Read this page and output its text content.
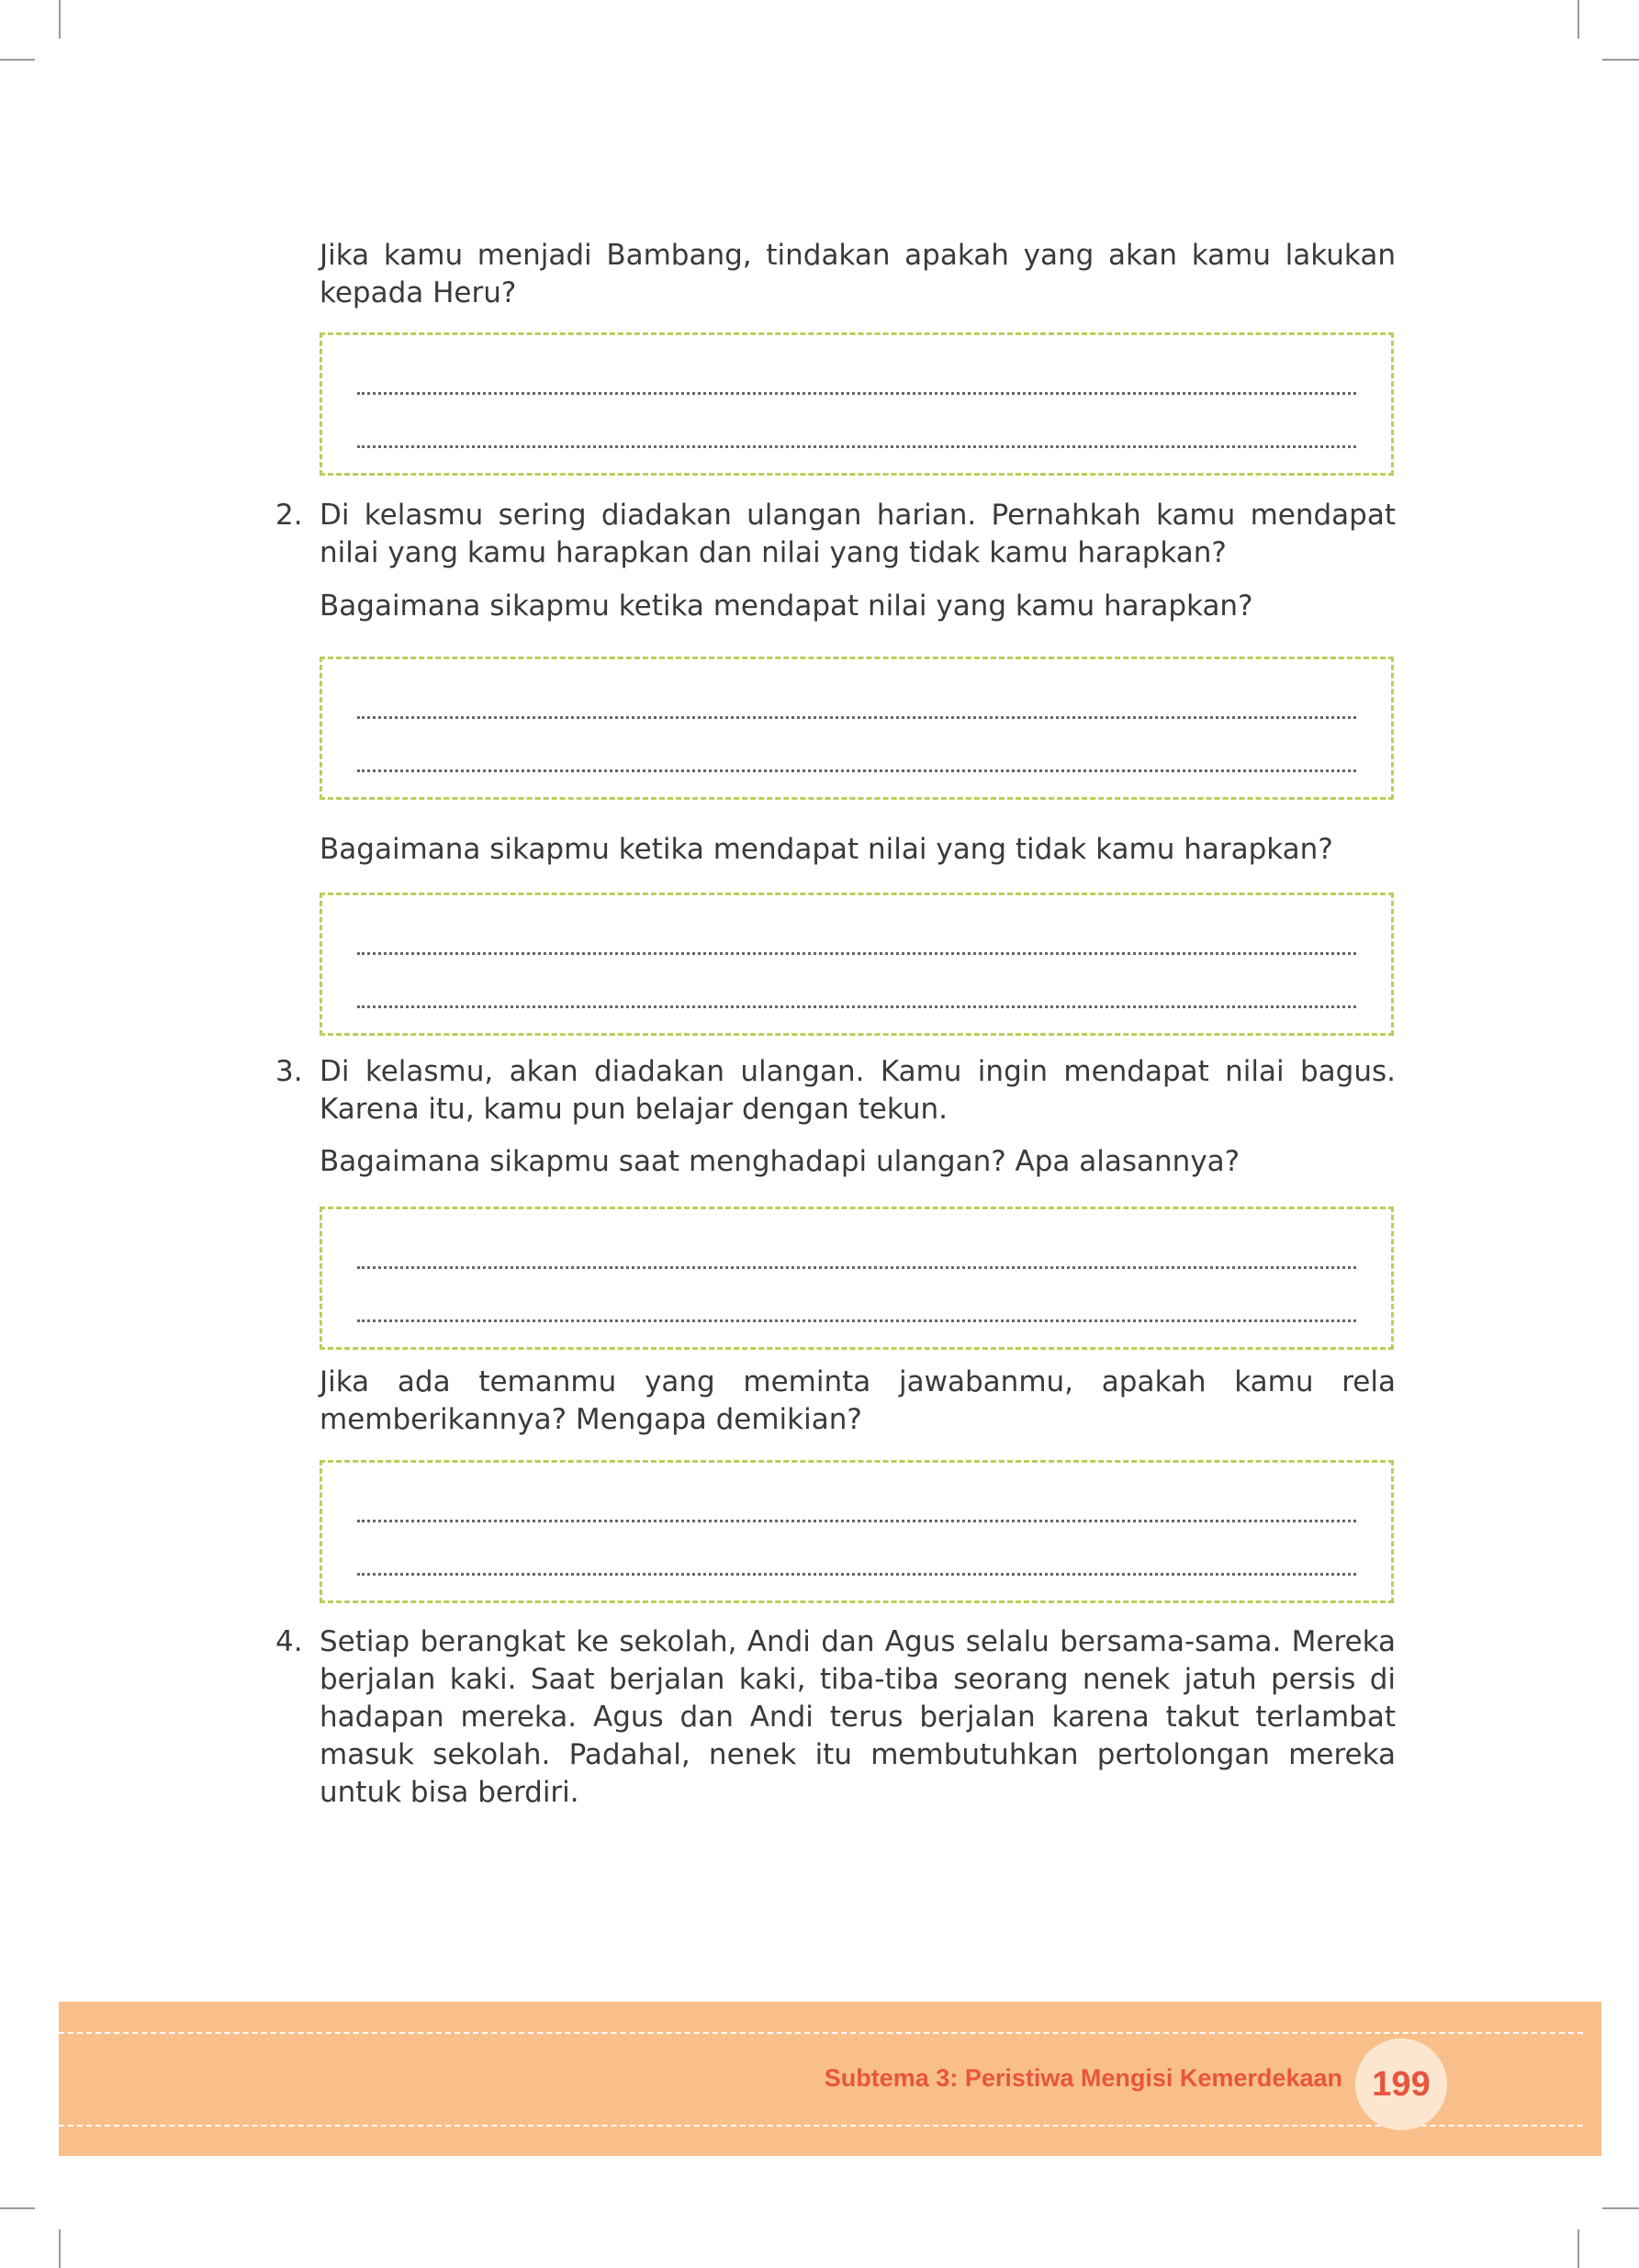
Jika kamu menjadi Bambang, tindakan apakah yang akan kamu lakukan kepada Heru?

2. Di kelasmu sering diadakan ulangan harian. Pernahkah kamu mendapat nilai yang kamu harapkan dan nilai yang tidak kamu harapkan?

Bagaimana sikapmu ketika mendapat nilai yang kamu harapkan?

Bagaimana sikapmu ketika mendapat nilai yang tidak kamu harapkan?

3. Di kelasmu, akan diadakan ulangan. Kamu ingin mendapat nilai bagus. Karena itu, kamu pun belajar dengan tekun.

Bagaimana sikapmu saat menghadapi ulangan? Apa alasannya?

Jika ada temanmu yang meminta jawabanmu, apakah kamu rela memberikannya? Mengapa demikian?

4. Setiap berangkat ke sekolah, Andi dan Agus selalu bersama-sama. Mereka berjalan kaki. Saat berjalan kaki, tiba-tiba seorang nenek jatuh persis di hadapan mereka. Agus dan Andi terus berjalan karena takut terlambat masuk sekolah. Padahal, nenek itu membutuhkan pertolongan mereka untuk bisa berdiri.

Subtema 3: Peristiwa Mengisi Kemerdekaan 199
